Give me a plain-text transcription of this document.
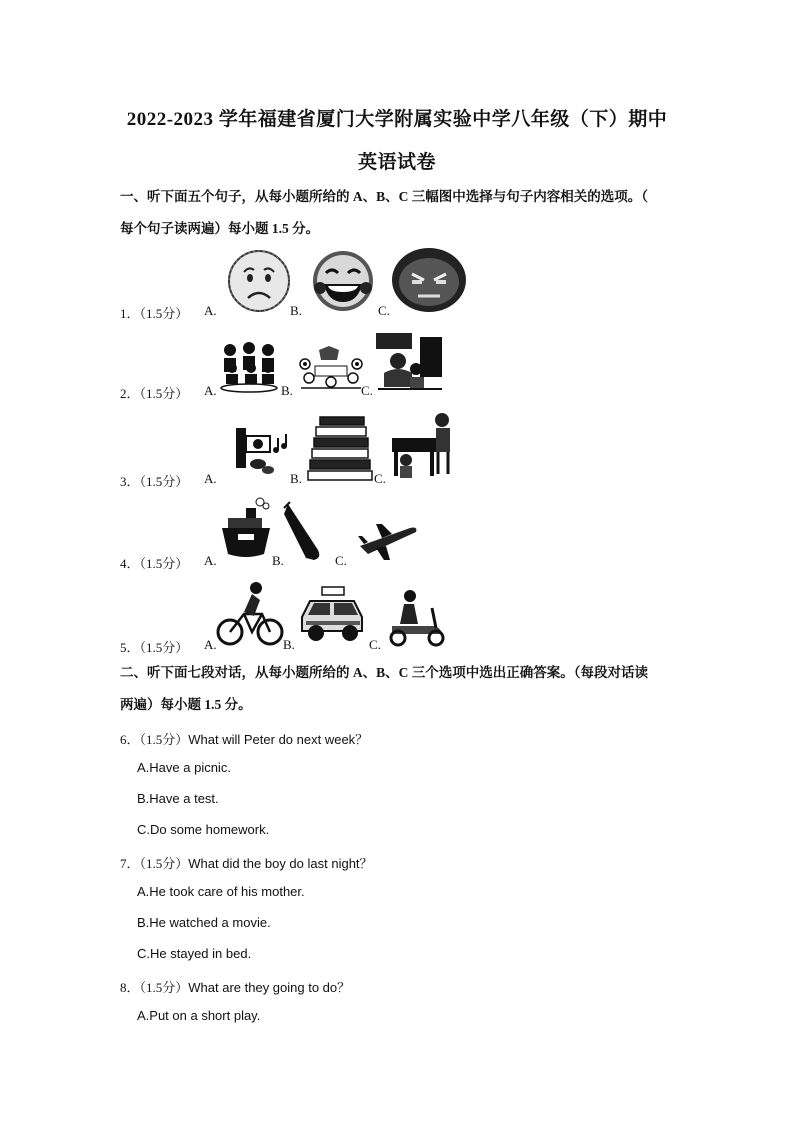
2022-2023 学年福建省厦门大学附属实验中学八年级（下）期中
英语试卷
一、听下面五个句子，从每小题所给的 A、B、C 三幅图中选择与句子内容相关的选项。（
每个句子读两遍）每小题 1.5 分。
1．（1.5分） A.	B.	C.
2．（1.5分） A.	B.	C.
3．（1.5分） A.	B.	C.
4．（1.5分） A.	B.	C.
5．（1.5分） A.	B.	C.
二、听下面七段对话，从每小题所给的 A、B、C 三个选项中选出正确答案。（每段对话读
两遍）每小题 1.5 分。
6．（1.5分）What will Peter do next week？
A.Have a picnic.
B.Have a test.
C.Do some homework.
7．（1.5分）What did the boy do last night？
A.He took care of his mother.
B.He watched a movie.
C.He stayed in bed.
8．（1.5分）What are they going to do？
A.Put on a short play.
